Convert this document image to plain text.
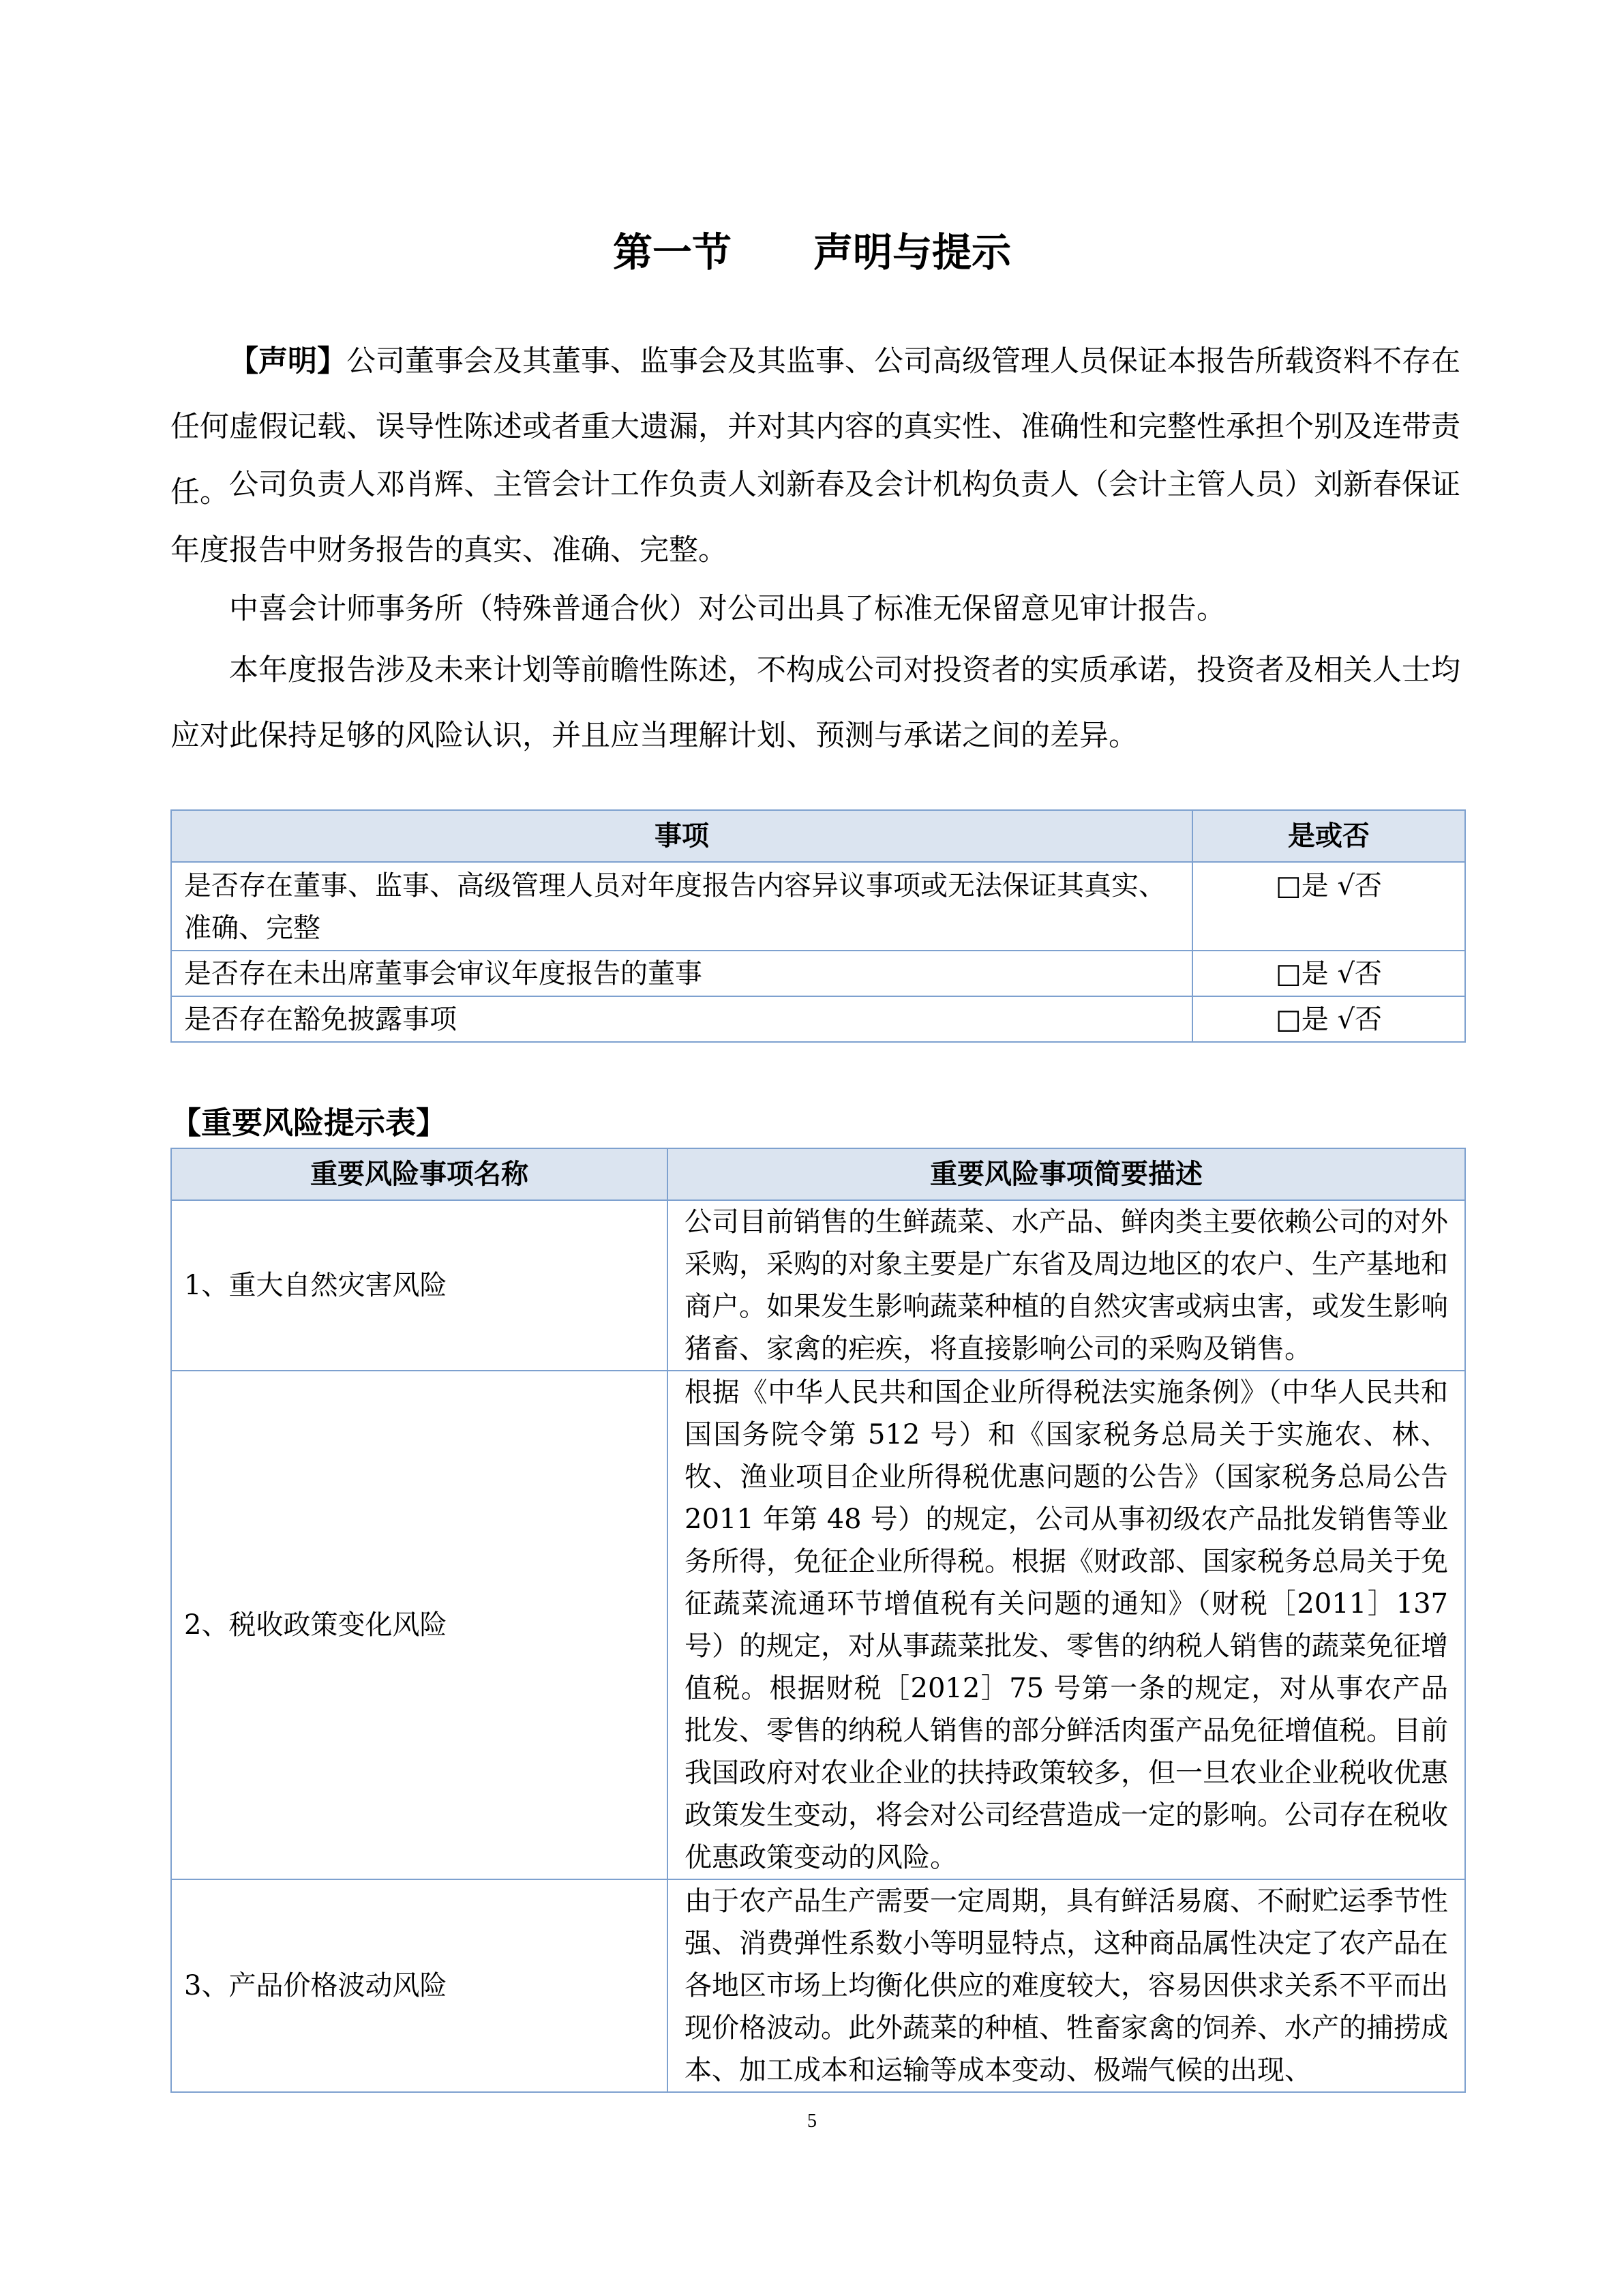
第一节 声明与提示

【声明】公司董事会及其董事、监事会及其监事、公司高级管理人员保证本报告所载资料不存在任何虚假记载、误导性陈述或者重大遗漏，并对其内容的真实性、准确性和完整性承担个别及连带责任。 公司负责人邓肖辉、主管会计工作负责人刘新春及会计机构负责人（会计主管人员）刘新春保证年度报告中财务报告的真实、准确、完整。

中喜会计师事务所（特殊普通合伙）对公司出具了标准无保留意见审计报告。

本年度报告涉及未来计划等前瞻性陈述，不构成公司对投资者的实质承诺，投资者及相关人士均应对此保持足够的风险认识，并且应当理解计划、预测与承诺之间的差异。

事项	是或否
是否存在董事、监事、高级管理人员对年度报告内容异议事项或无法保证其真实、准确、完整	□是 √否
是否存在未出席董事会审议年度报告的董事	□是 √否
是否存在豁免披露事项	□是 √否
【重要风险提示表】
重要风险事项名称	重要风险事项简要描述
1、重大自然灾害风险	公司目前销售的生鲜蔬菜、水产品、鲜肉类主要依赖公司的对外采购，采购的对象主要是广东省及周边地区的农户、生产基地和商户。如果发生影响蔬菜种植的自然灾害或病虫害，或发生影响猪畜、家禽的疟疾，将直接影响公司的采购及销售。
2、税收政策变化风险	根据《中华人民共和国企业所得税法实施条例》（中华人民共和国国务院令第 512 号）和《国家税务总局关于实施农、林、牧、渔业项目企业所得税优惠问题的公告》（国家税务总局公告 2011 年第 48 号）的规定，公司从事初级农产品批发销售等业务所得，免征企业所得税。根据《财政部、国家税务总局关于免征蔬菜流通环节增值税有关问题的通知》（财税［2011］137 号）的规定，对从事蔬菜批发、零售的纳税人销售的蔬菜免征增值税。根据财税［2012］75 号第一条的规定，对从事农产品批发、零售的纳税人销售的部分鲜活肉蛋产品免征增值税。目前我国政府对农业企业的扶持政策较多，但一旦农业企业税收优惠政策发生变动，将会对公司经营造成一定的影响。公司存在税收优惠政策变动的风险。
3、产品价格波动风险	由于农产品生产需要一定周期，具有鲜活易腐、不耐贮运季节性强、消费弹性系数小等明显特点，这种商品属性决定了农产品在各地区市场上均衡化供应的难度较大，容易因供求关系不平而出现价格波动。此外蔬菜的种植、牲畜家禽的饲养、水产的捕捞成本、加工成本和运输等成本变动、极端气候的出现、
5
